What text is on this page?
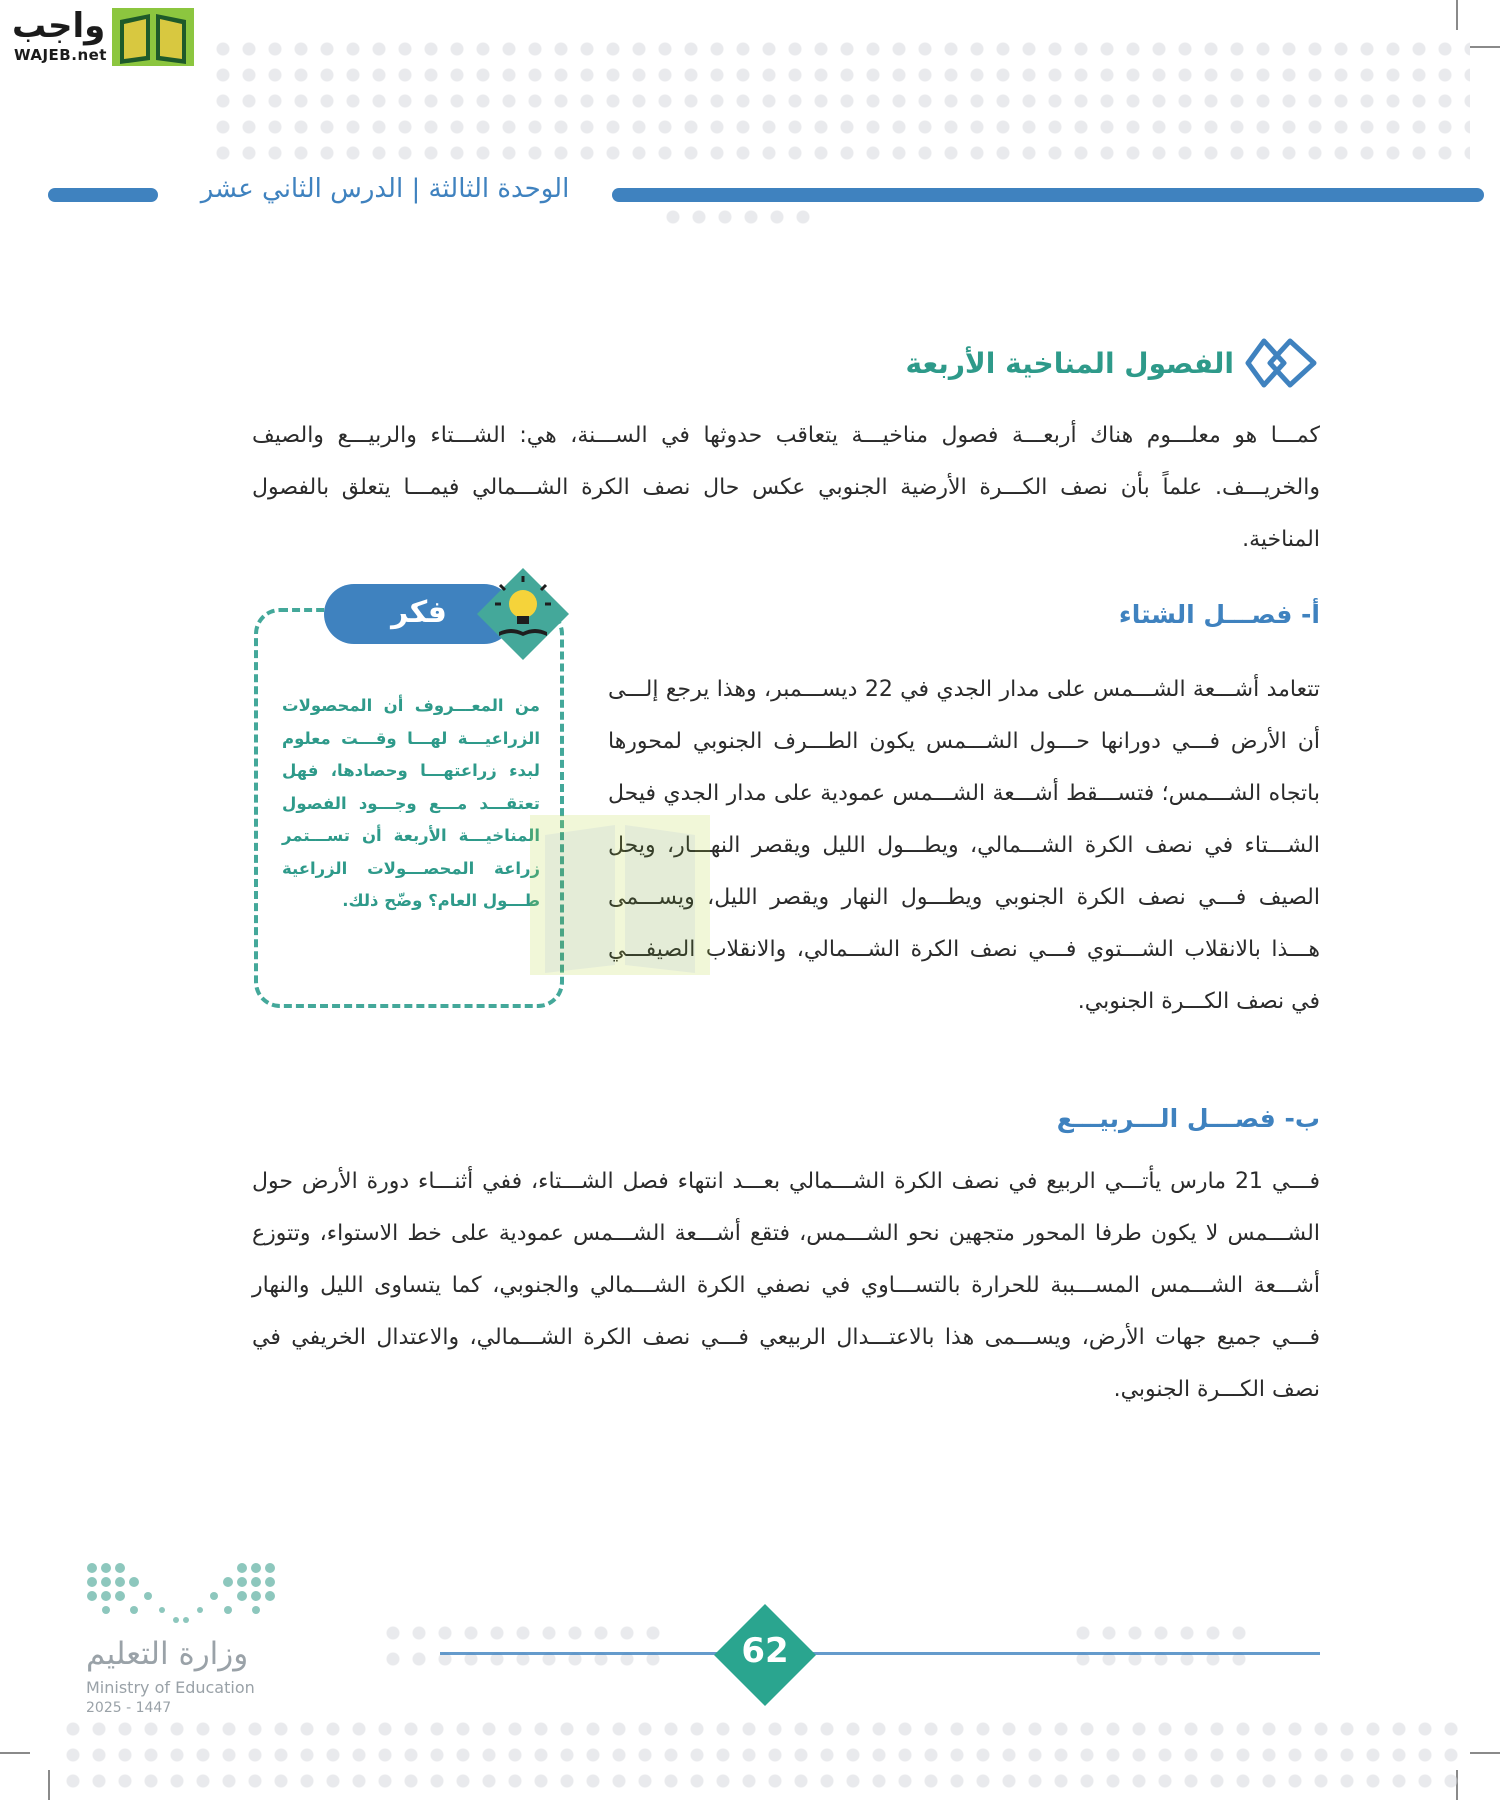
واجب
WAJEB.net
الوحدة الثالثة | الدرس الثاني عشر
الفصول المناخية الأربعة

كمـــا هو معلـــوم هناك أربعـــة فصول مناخيـــة يتعاقب حدوثها في الســـنة، هي: الشـــتاء والربيـــع والصيف والخريـــف. علماً بأن نصف الكـــرة الأرضية الجنوبي عكس حال نصف الكرة الشـــمالي فيمـــا يتعلق بالفصول المناخية.

أ- فصـــل الشتاء

تتعامد أشـــعة الشـــمس على مدار الجدي في 22 ديســـمبر، وهذا يرجع إلـــى أن الأرض فـــي دورانها حـــول الشـــمس يكون الطـــرف الجنوبي لمحورها باتجاه الشـــمس؛ فتســـقط أشـــعة الشـــمس عمودية على مدار الجدي فيحل الشـــتاء في نصف الكرة الشـــمالي، ويطـــول الليل ويقصر النهـــار، ويحل الصيف فـــي نصف الكرة الجنوبي ويطـــول النهار ويقصر الليل، ويســـمى هـــذا بالانقلاب الشـــتوي فـــي نصف الكرة الشـــمالي، والانقلاب الصيفـــي في نصف الكـــرة الجنوبي.

فكر
من المعـــروف أن المحصولات الزراعيـــة لهـــا وقـــت معلوم لبدء زراعتهـــا وحصادها، فهل تعتقـــد مـــع وجـــود الفصول المناخيـــة الأربعة أن تســـتمر زراعة المحصـــولات الزراعية طـــول العام؟ وضّح ذلك.
ب- فصـــل الـــربيـــع

فـــي 21 مارس يأتـــي الربيع في نصف الكرة الشـــمالي بعـــد انتهاء فصل الشـــتاء، ففي أثنـــاء دورة الأرض حول الشـــمس لا يكون طرفا المحور متجهين نحو الشـــمس، فتقع أشـــعة الشـــمس عمودية على خط الاستواء، وتتوزع أشـــعة الشـــمس المســـببة للحرارة بالتســـاوي في نصفي الكرة الشـــمالي والجنوبي، كما يتساوى الليل والنهار فـــي جميع جهات الأرض، ويســـمى هذا بالاعتـــدال الربيعي فـــي نصف الكرة الشـــمالي، والاعتدال الخريفي في نصف الكـــرة الجنوبي.

62
وزارة التعليم
Ministry of Education
2025 - 1447
